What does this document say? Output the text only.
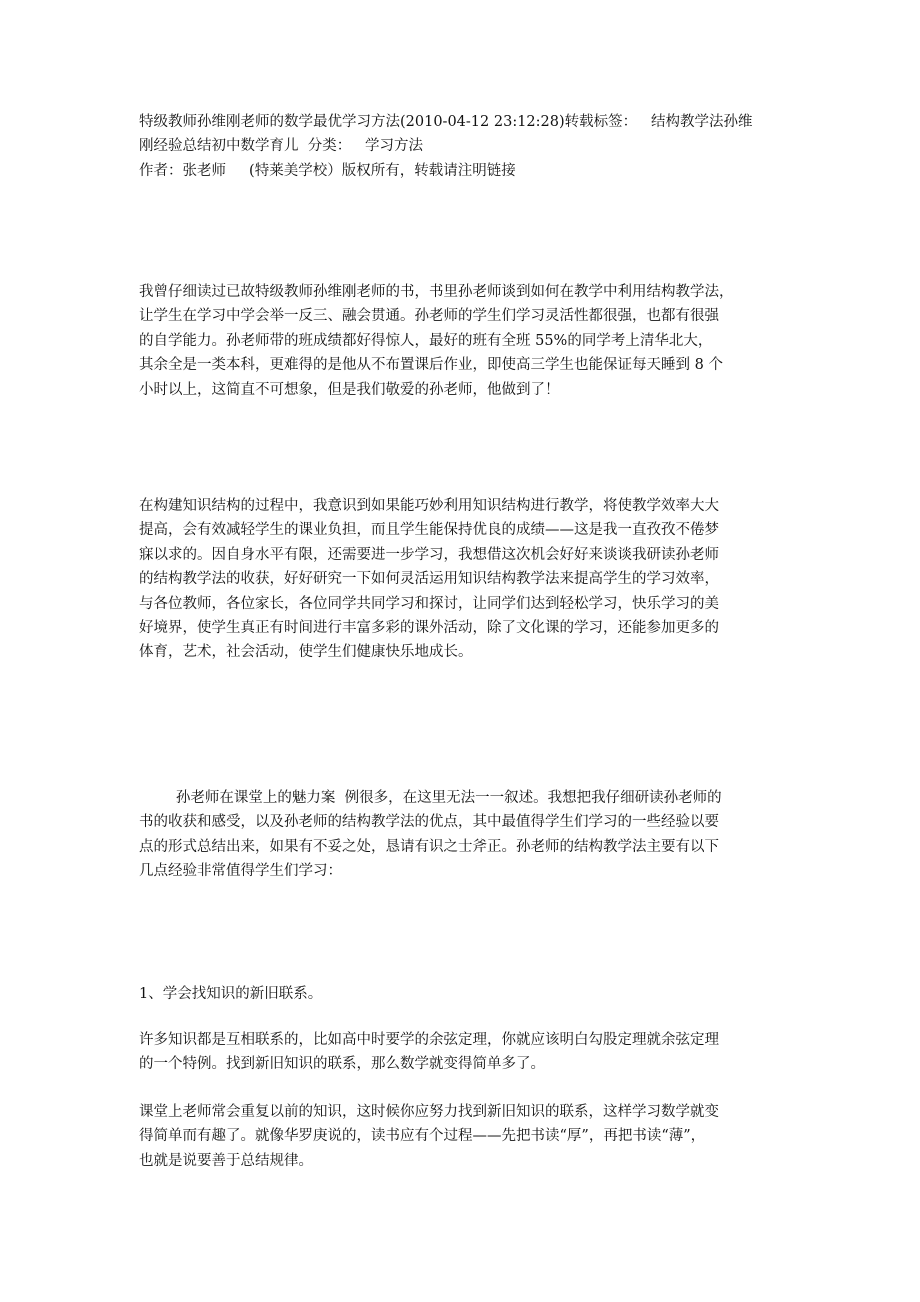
特级教师孙维刚老师的数学最优学习方法(2010-04-12 23:12:28)转载标签：   结构教学法孙维
刚经验总结初中数学育儿  分类：   学习方法
作者：张老师     (特莱美学校）版权所有，转载请注明链接
我曾仔细读过已故特级教师孙维刚老师的书，书里孙老师谈到如何在教学中利用结构教学法，
让学生在学习中学会举一反三、融会贯通。孙老师的学生们学习灵活性都很强，也都有很强
的自学能力。孙老师带的班成绩都好得惊人，最好的班有全班 55%的同学考上清华北大，
其余全是一类本科，更难得的是他从不布置课后作业，即使高三学生也能保证每天睡到 8 个
小时以上，这简直不可想象，但是我们敬爱的孙老师，他做到了！
在构建知识结构的过程中，我意识到如果能巧妙利用知识结构进行教学，将使教学效率大大
提高，会有效减轻学生的课业负担，而且学生能保持优良的成绩——这是我一直孜孜不倦梦
寐以求的。因自身水平有限，还需要进一步学习，我想借这次机会好好来谈谈我研读孙老师
的结构教学法的收获，好好研究一下如何灵活运用知识结构教学法来提高学生的学习效率，
与各位教师，各位家长，各位同学共同学习和探讨，让同学们达到轻松学习，快乐学习的美
好境界，使学生真正有时间进行丰富多彩的课外活动，除了文化课的学习，还能参加更多的
体育，艺术，社会活动，使学生们健康快乐地成长。
孙老师在课堂上的魅力案  例很多，在这里无法一一叙述。我想把我仔细研读孙老师的
书的收获和感受，以及孙老师的结构教学法的优点，其中最值得学生们学习的一些经验以要
点的形式总结出来，如果有不妥之处，恳请有识之士斧正。孙老师的结构教学法主要有以下
几点经验非常值得学生们学习：
1、学会找知识的新旧联系。
许多知识都是互相联系的，比如高中时要学的余弦定理，你就应该明白勾股定理就余弦定理
的一个特例。找到新旧知识的联系，那么数学就变得简单多了。
课堂上老师常会重复以前的知识，这时候你应努力找到新旧知识的联系，这样学习数学就变
得简单而有趣了。就像华罗庚说的，读书应有个过程——先把书读“厚”，再把书读“薄”，
也就是说要善于总结规律。
